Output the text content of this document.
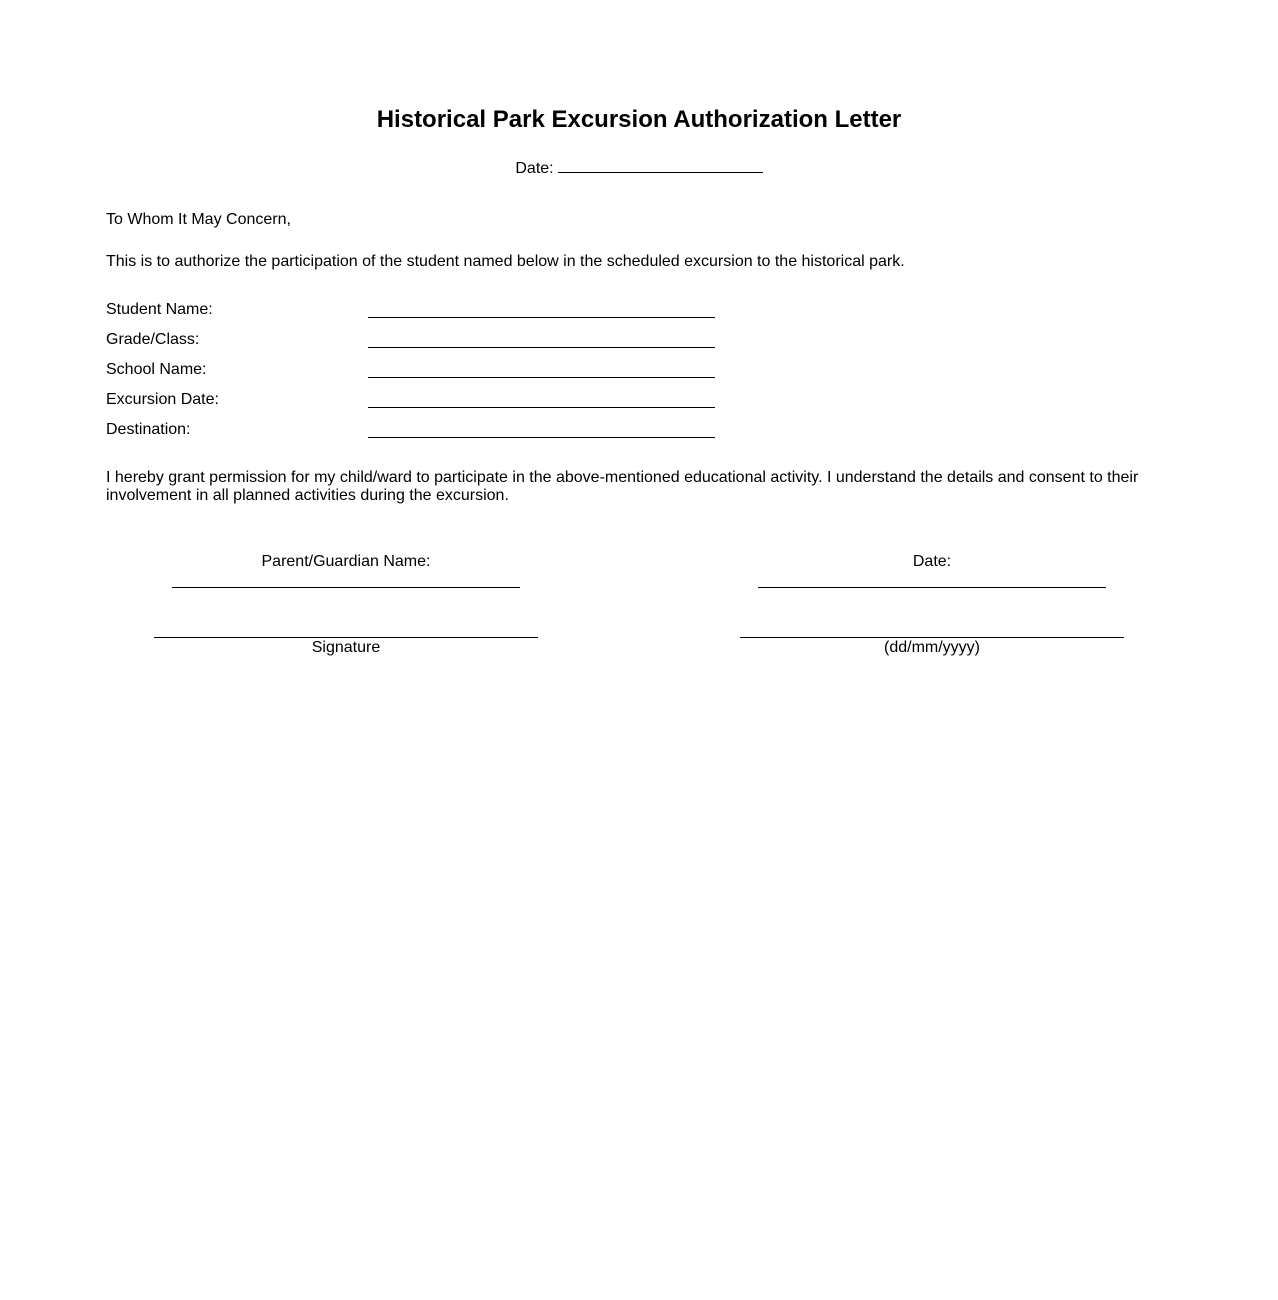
Historical Park Excursion Authorization Letter
Date:
To Whom It May Concern,
This is to authorize the participation of the student named below in the scheduled excursion to the historical park.
Student Name:
Grade/Class:
School Name:
Excursion Date:
Destination:
I hereby grant permission for my child/ward to participate in the above-mentioned educational activity. I understand the details and consent to their involvement in all planned activities during the excursion.
Parent/Guardian Name:
Signature
Date:
(dd/mm/yyyy)
